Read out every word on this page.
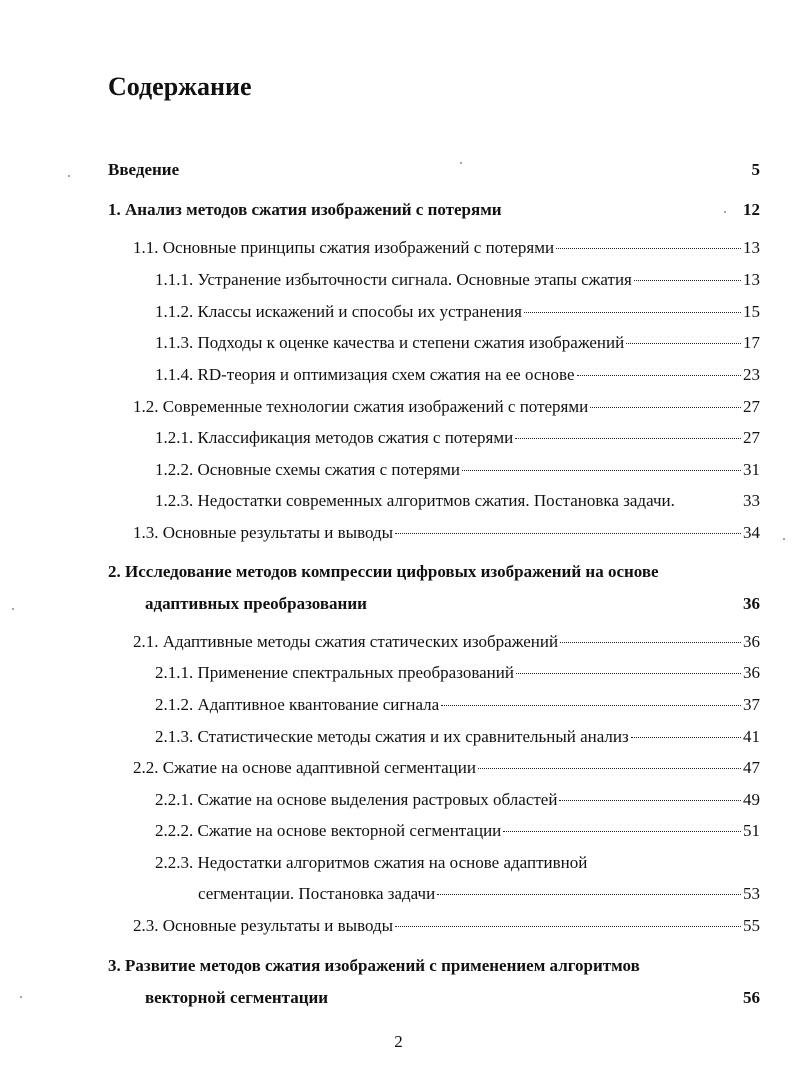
Содержание
Введение	5
1. Анализ методов сжатия изображений с потерями	12
1.1. Основные принципы сжатия изображений с потерями	13
1.1.1. Устранение избыточности сигнала. Основные этапы сжатия	13
1.1.2. Классы искажений и способы их устранения	15
1.1.3. Подходы к оценке качества и степени сжатия изображений	17
1.1.4. RD-теория и оптимизация схем сжатия на ее основе	23
1.2. Современные технологии сжатия изображений с потерями	27
1.2.1. Классификация методов сжатия с потерями	27
1.2.2. Основные схемы сжатия с потерями	31
1.2.3. Недостатки современных алгоритмов сжатия. Постановка задачи.	33
1.3. Основные результаты и выводы	34
2. Исследование методов компрессии цифровых изображений на основе
адаптивных преобразовании	36
2.1. Адаптивные методы сжатия статических изображений	36
2.1.1. Применение спектральных преобразований	36
2.1.2. Адаптивное квантование сигнала	37
2.1.3. Статистические методы сжатия и их сравнительный анализ	41
2.2. Сжатие на основе адаптивной сегментации	47
2.2.1. Сжатие на основе выделения растровых областей	49
2.2.2. Сжатие на основе векторной сегментации	51
2.2.3. Недостатки алгоритмов сжатия на основе адаптивной
сегментации. Постановка задачи	53
2.3. Основные результаты и выводы	55
3. Развитие методов сжатия изображений с применением алгоритмов
векторной сегментации	56
2
